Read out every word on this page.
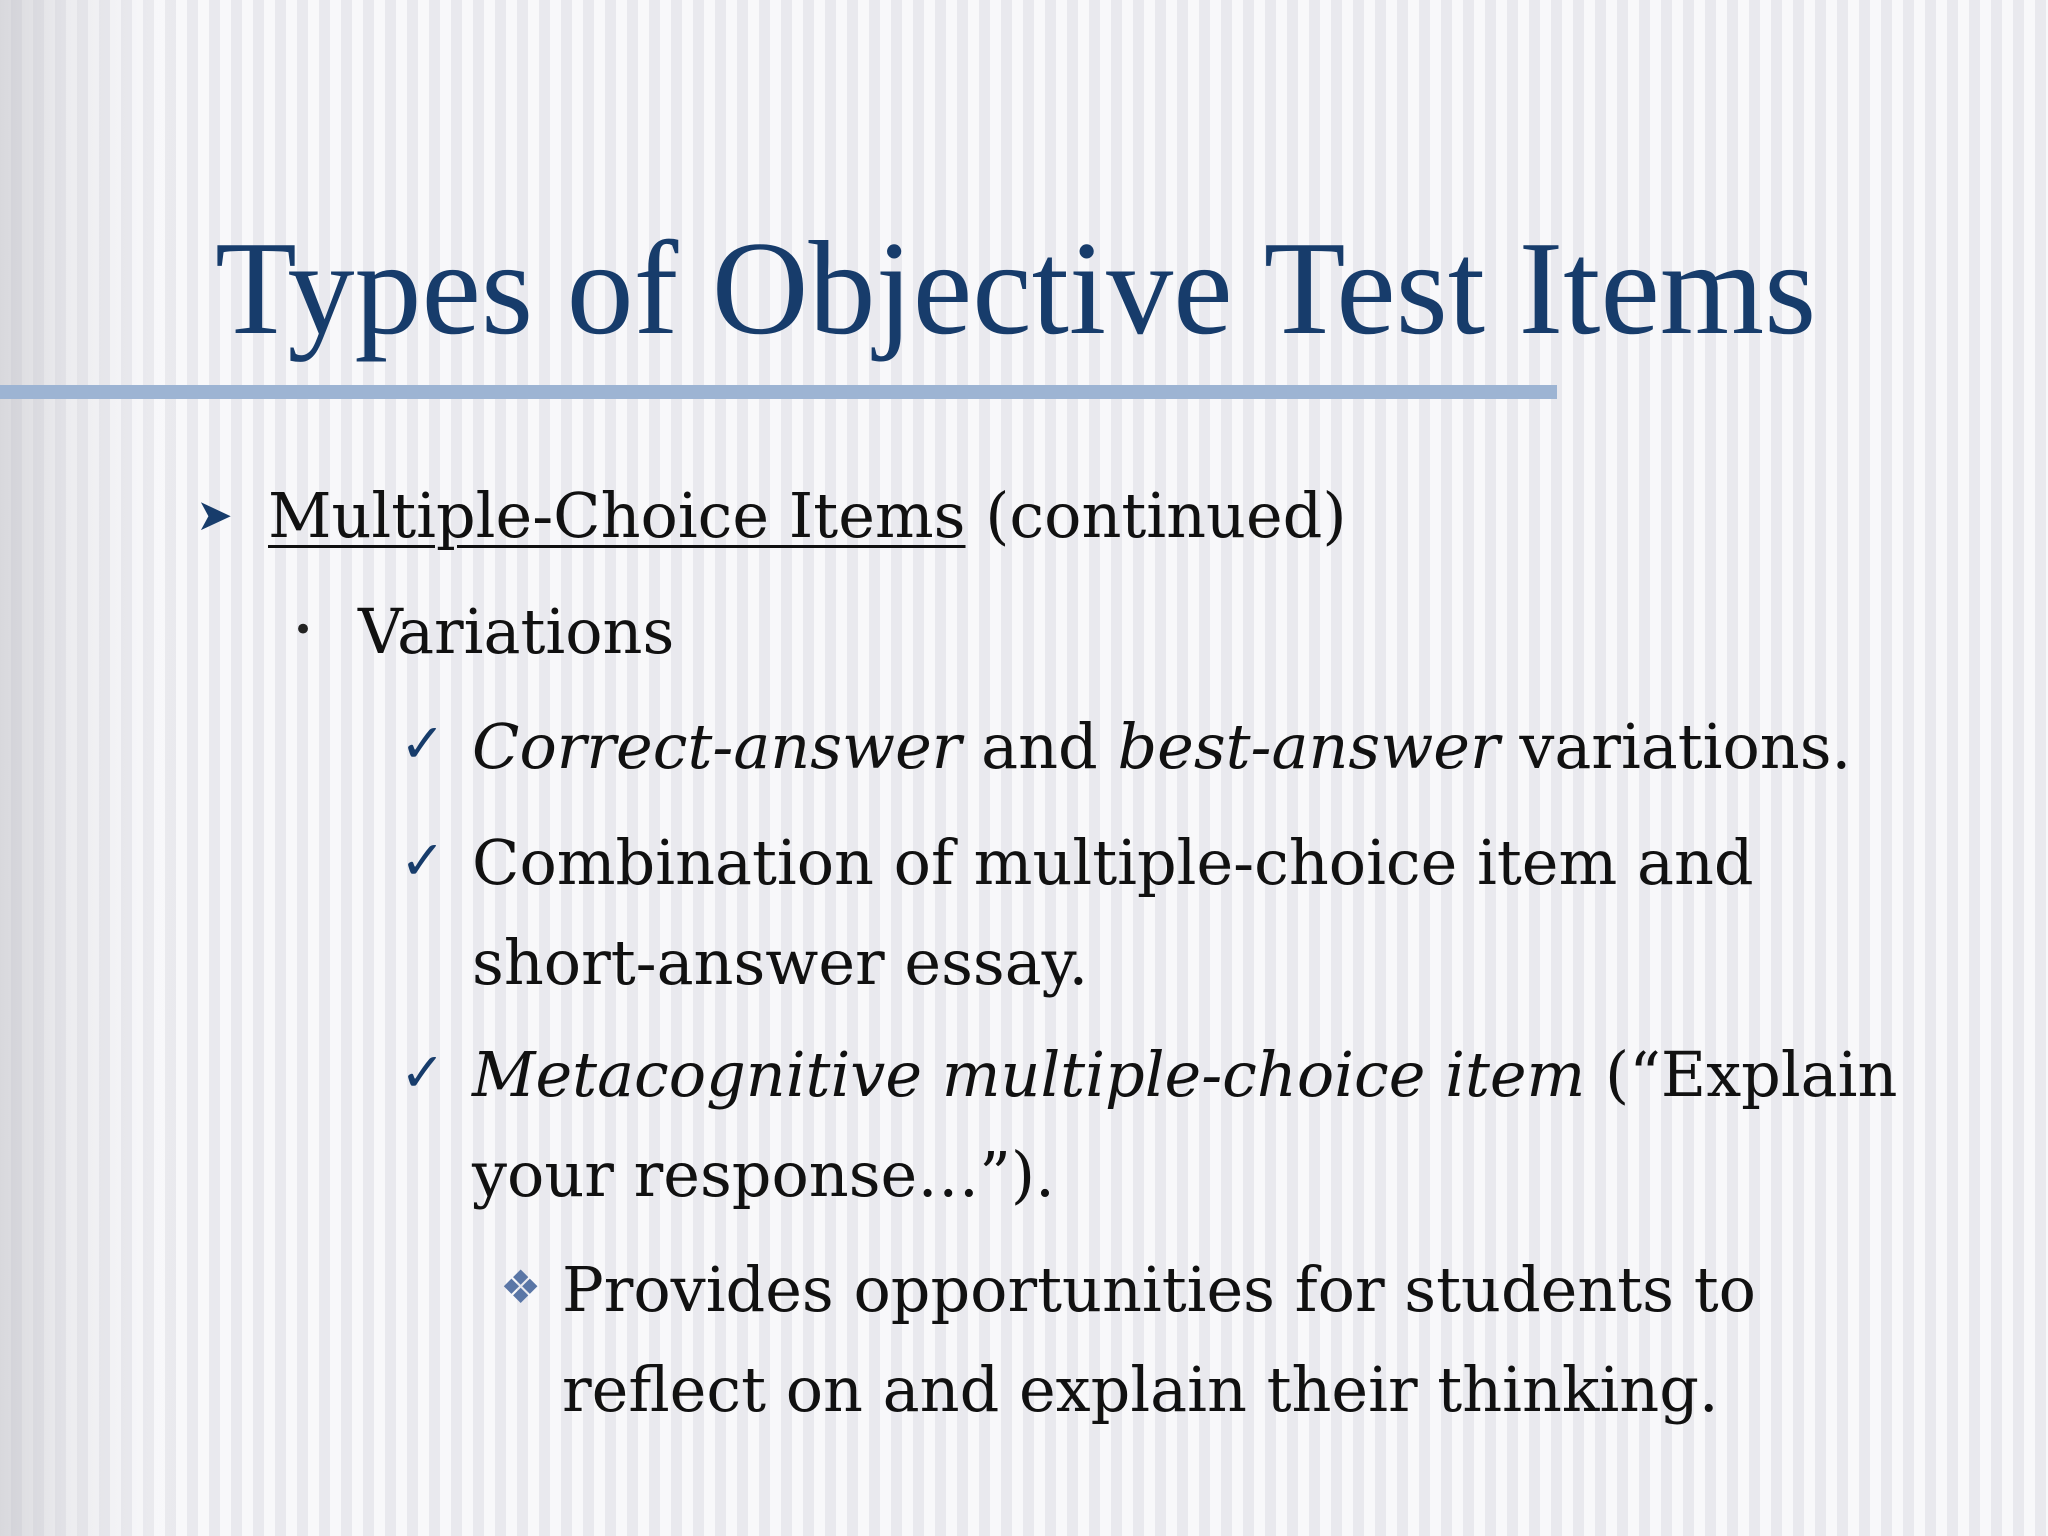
Types of Objective Test Items
➤ Multiple-Choice Items (continued)
• Variations
✓ Correct-answer and best-answer variations.
✓ Combination of multiple-choice item and short-answer essay.
✓ Metacognitive multiple-choice item (“Explain your response…”).
❖ Provides opportunities for students to reflect on and explain their thinking.
